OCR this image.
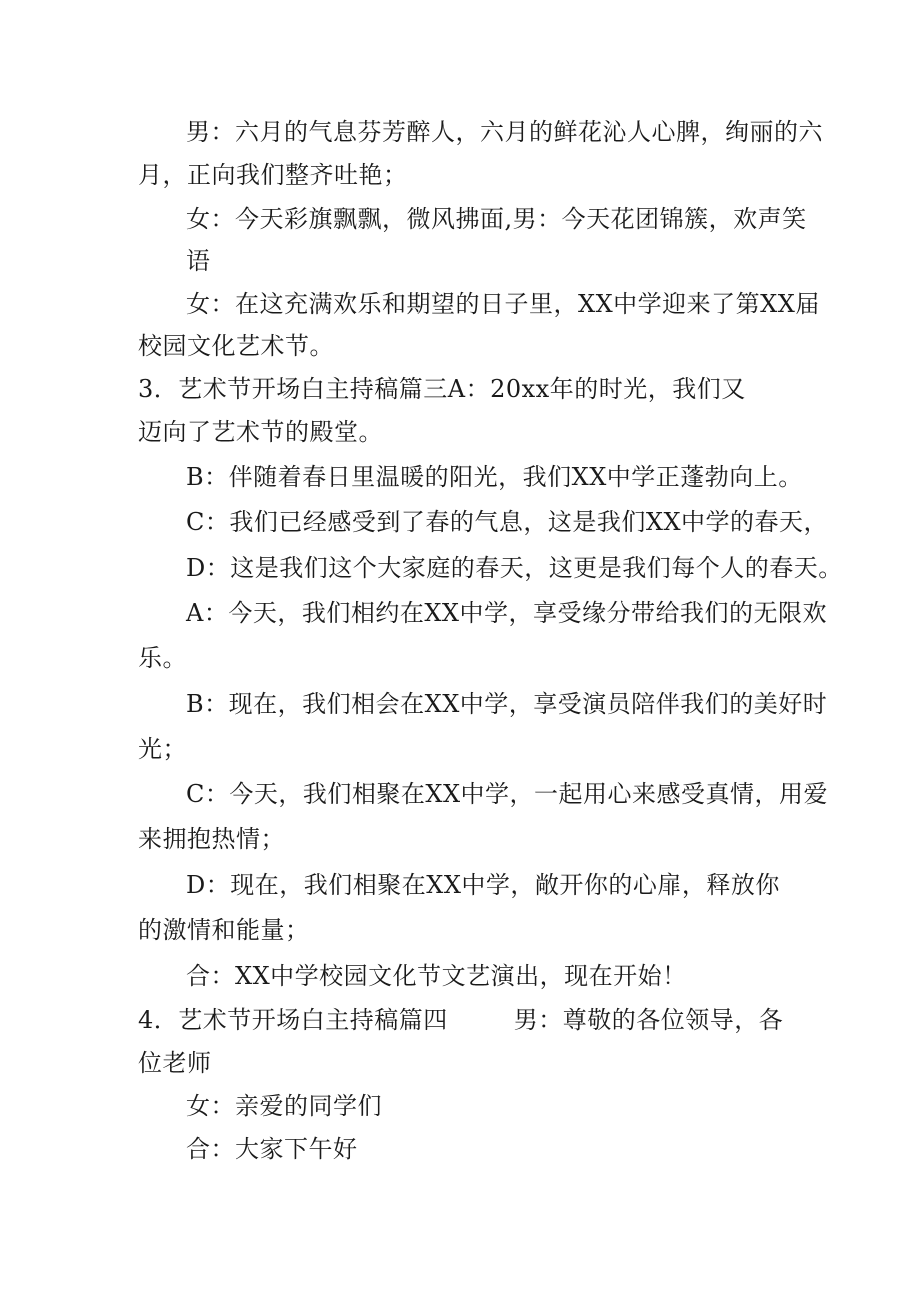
男：六月的气息芬芳醉人，六月的鲜花沁人心脾，绚丽的六
月，正向我们整齐吐艳；
女：今天彩旗飘飘，微风拂面,男：今天花团锦簇，欢声笑
语
女：在这充满欢乐和期望的日子里，XX中学迎来了第XX届
校园文化艺术节。
3．艺术节开场白主持稿篇三A：20xx年的时光，我们又
迈向了艺术节的殿堂。
B：伴随着春日里温暖的阳光，我们XX中学正蓬勃向上。
C：我们已经感受到了春的气息，这是我们XX中学的春天，
D：这是我们这个大家庭的春天，这更是我们每个人的春天。
A：今天，我们相约在XX中学，享受缘分带给我们的无限欢
乐。
B：现在，我们相会在XX中学，享受演员陪伴我们的美好时
光；
C：今天，我们相聚在XX中学，一起用心来感受真情，用爱
来拥抱热情；
D：现在，我们相聚在XX中学，敞开你的心扉，释放你
的激情和能量；
合：XX中学校园文化节文艺演出，现在开始！
4．艺术节开场白主持稿篇四	男：尊敬的各位领导，各
位老师
女：亲爱的同学们
合：大家下午好
